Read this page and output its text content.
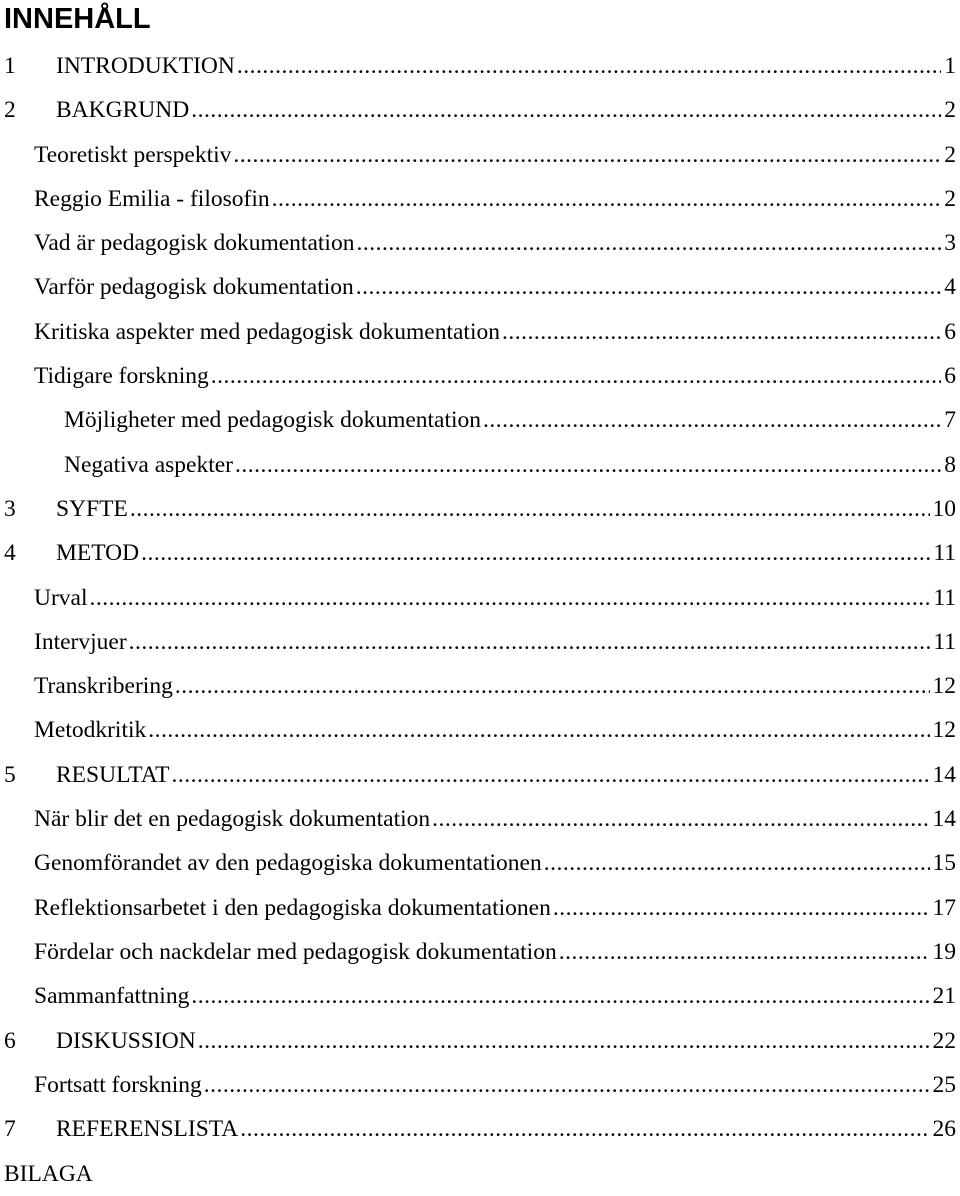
INNEHÅLL
1	INTRODUKTION .....	1
2	BAKGRUND .....	2
Teoretiskt perspektiv .....	2
Reggio Emilia - filosofin .....	2
Vad är pedagogisk dokumentation .....	3
Varför pedagogisk dokumentation .....	4
Kritiska aspekter med pedagogisk dokumentation .....	6
Tidigare forskning .....	6
Möjligheter med pedagogisk dokumentation .....	7
Negativa aspekter .....	8
3	SYFTE .....	10
4	METOD .....	11
Urval .....	11
Intervjuer .....	11
Transkribering .....	12
Metodkritik .....	12
5	RESULTAT .....	14
När blir det en pedagogisk dokumentation .....	14
Genomförandet av den pedagogiska dokumentationen .....	15
Reflektionsarbetet i den pedagogiska dokumentationen .....	17
Fördelar och nackdelar med pedagogisk dokumentation .....	19
Sammanfattning .....	21
6	DISKUSSION .....	22
Fortsatt forskning .....	25
7	REFERENSLISTA .....	26

BILAGA
